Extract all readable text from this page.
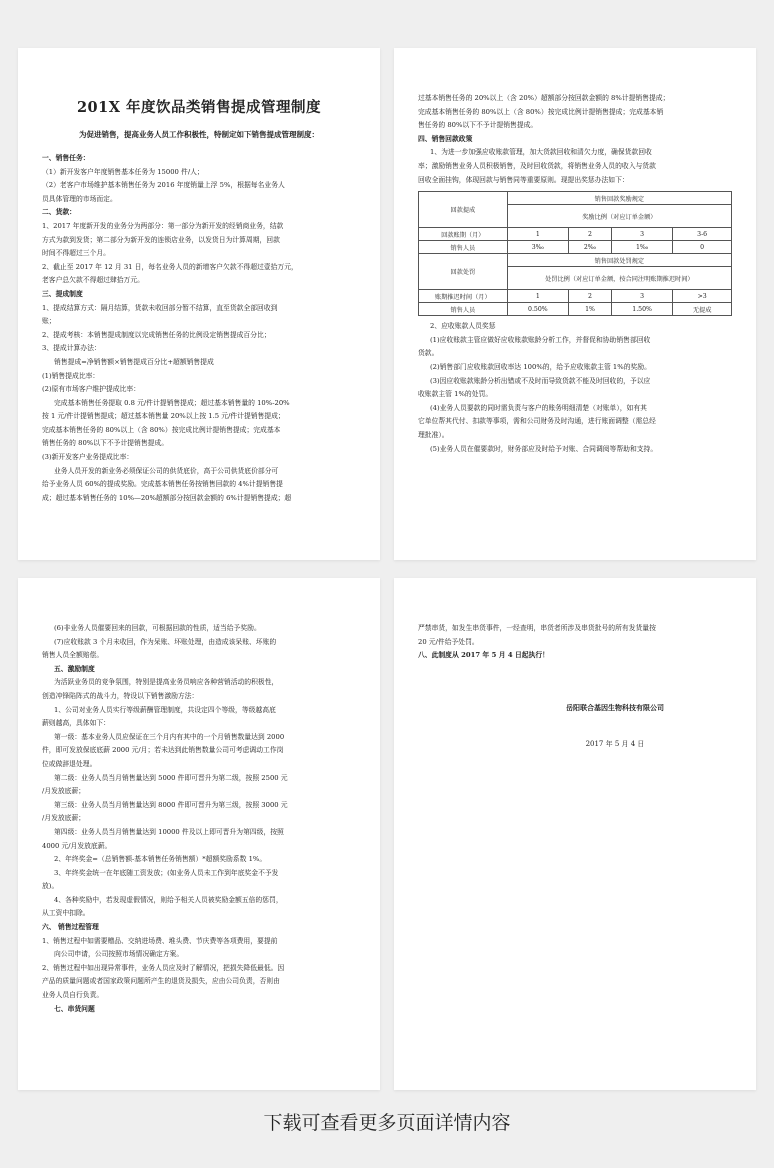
201X 年度饮品类销售提成管理制度
为促进销售，提高业务人员工作积极性，特制定如下销售提成管理制度：

一、销售任务：

（1）新开发客户年度销售基本任务为 15000 件/人；

（2）老客户市场维护基本销售任务为 2016 年度销量上浮 5%，根据每名业务人

员具体管理的市场而定。

二、货款：

1、2017 年度新开发的业务分为两部分：第一部分为新开发的经销商业务，结款

方式为款到发货；第二部分为新开发的连锁店业务，以发货日为计算周期，回款

时间不得超过三个月。

2、截止至 2017 年 12 月 31 日，每名业务人员的新增客户欠款不得超过壹拾万元，

老客户总欠款不得超过肆拾万元。

三、提成制度

1、提成结算方式：隔月结算，货款未收回部分暂不结算，直至货款全部回收到

账；

2、提成考核：本销售提成制度以完成销售任务的比例设定销售提成百分比；

3、提成计算办法：

销售提成=净销售额×销售提成百分比+超额销售提成

(1)销售提成比率：

(2)原有市场客户维护提成比率：

完成基本销售任务提取 0.8 元/件计提销售提成；超过基本销售量的 10%-20%

按 1 元/件计提销售提成；超过基本销售量 20%以上按 1.5 元/件计提销售提成；

完成基本销售任务的 80%以上（含 80%）按完成比例计提销售提成；完成基本

销售任务的 80%以下不予计提销售提成。

(3)新开发客户业务提成比率：

业务人员开发的新业务必须保证公司的供货底价，高于公司供货底价部分可

给予业务人员 60%的提成奖励。完成基本销售任务按销售回款的 4%计提销售提

成；超过基本销售任务的 10%—20%超额部分按回款金额的 6%计提销售提成；超

过基本销售任务的 20%以上（含 20%）超额部分按回款金额的 8%计提销售提成；

完成基本销售任务的 80%以上（含 80%）按完成比例计提销售提成；完成基本销

售任务的 80%以下不予计提销售提成。

四、销售回款政策

1、为进一步加强应收账款管理，加大货款回收和清欠力度，确保货款回收

率；激励销售业务人员积极销售，及时回收货款，将销售业务人员的收入与货款

回收全面挂钩，体现回款与销售同等重要原则。现提出奖惩办法如下：

回款提成	销售回款奖励规定			
	奖励比例（对应订单金额）			
回款账期（月）	1	2	3	3-6
销售人员	3‰	2‰	1‰	0
回款处罚	销售回款处罚规定			
	处罚比例（对应订单金额，按合同注明账期推迟时间）			
账期推迟时间（月）	1	2	3	>3
销售人员	0.50%	1%	1.50%	无提成

2、应收账款人员奖惩

(1)应收账款主管应做好应收账款账龄分析工作，并督促和协助销售部回收

货款。

(2)销售部门应收账款回收率达 100%的，给予应收账款主管 1%的奖励。

(3)因应收账款账龄分析出错或不及时而导致货款不能及时回收的，予以应

收账款主管 1%的处罚。

(4)业务人员要款的同时需负责与客户的账务明细清楚（对账单），如有其

它单位帮其代付、扣款等事项，需和公司财务及时沟通，进行账面调整（需总经

理批准）。

(5)业务人员在催要款时，财务部应及时给予对账、合同调阅等帮助和支持。

(6)非业务人员催要回来的回款，可根据回款的性质，适当给予奖励。

(7)应收账款 3 个月未收回，作为呆账、坏账处理，由造成该呆账、坏账的

销售人员全额赔偿。

五、激励制度

为活跃业务员的竞争氛围，特别是提高业务员响应各种营销活动的积极性，

创造冲锋陷阵式的战斗力，特设以下销售激励方法：

1、公司对业务人员实行等级薪酬管理制度，共设定四个等级，等级越高底

薪则越高，具体如下：

第一级：基本业务人员应保证在三个月内有其中的一个月销售数量达到 2000

件，即可发放保底底薪 2000 元/月；若未达到此销售数量公司可考虑调动工作岗

位或做辞退处理。

第二级：业务人员当月销售量达到 5000 件即可晋升为第二级，按照 2500 元

/月发放底薪；

第三级：业务人员当月销售量达到 8000 件即可晋升为第三级，按照 3000 元

/月发放底薪；

第四级：业务人员当月销售量达到 10000 件及以上即可晋升为第四级，按照

4000 元/月发放底薪。

2、年终奖金=（总销售额-基本销售任务销售额）*超额奖励系数 1%。

3、年终奖金统一在年底随工资发放；(如业务人员未工作到年底奖金不予发

放)。

4、各种奖励中，若发现虚假情况，则给予相关人员被奖励金额五倍的惩罚，

从工资中扣除。

六、 销售过程管理

1、销售过程中如需要赠品、交纳进场费、堆头费、节庆费等各项费用，要提前

向公司申请，公司按照市场情况确定方案。

2、销售过程中如出现异常事件，业务人员应及时了解情况，把损失降低最低。因

产品的质量问题或者国家政策问题所产生的退货及损失，应由公司负责，否则由

业务人员自行负责。

七、串货问题

严禁串货，如发生串货事件，一经查明，串货者所涉及串货批号的所有发货量按

20 元/件给予处罚。

八、此制度从 2017 年 5 月 4 日起执行！

岳阳联合基因生物科技有限公司
2017 年 5 月 4 日
下载可查看更多页面详情内容
